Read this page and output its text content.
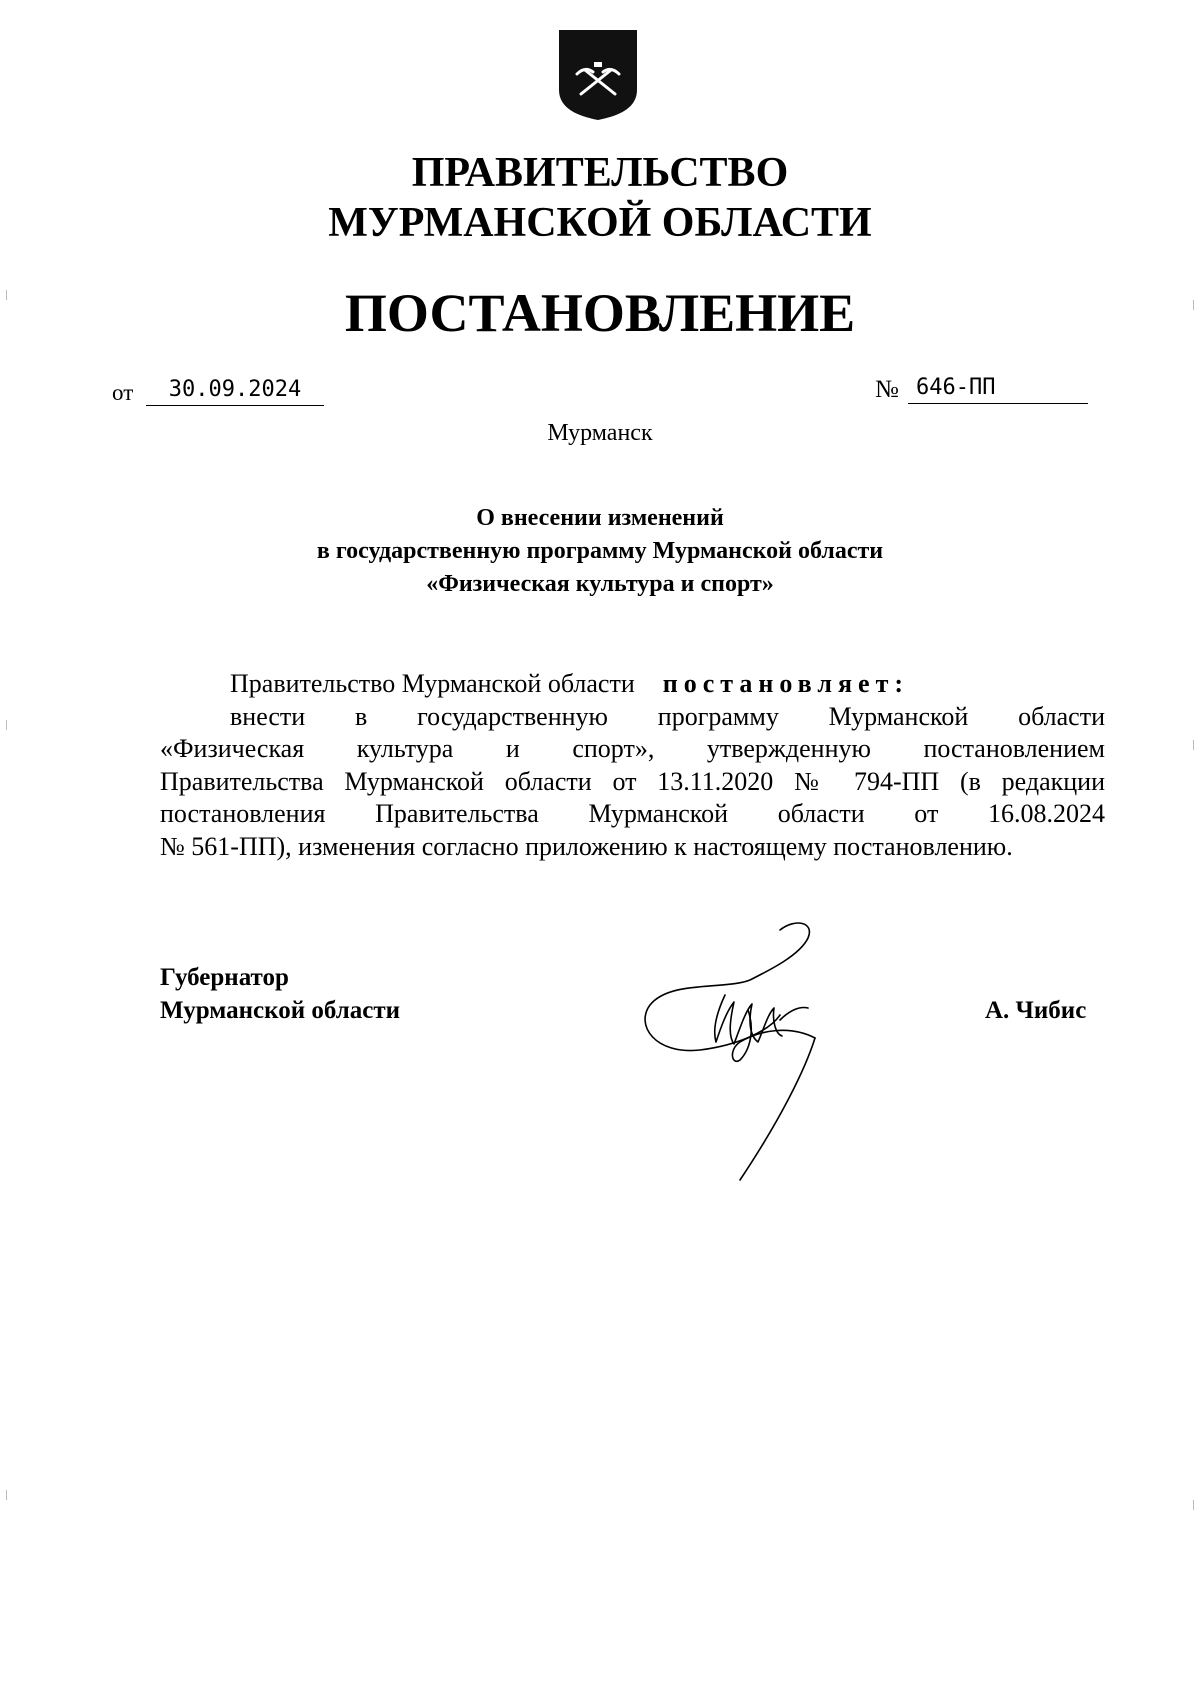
ПРАВИТЕЛЬСТВО
МУРМАНСКОЙ ОБЛАСТИ
ПОСТАНОВЛЕНИЕ
от	30.09.2024	№ 646-ПП
Мурманск
О внесении изменений
в государственную программу Мурманской области
«Физическая культура и спорт»
Правительство Мурманской области постановляет:
внести в государственную программу Мурманской области
«Физическая культура и спорт», утвержденную постановлением
Правительства Мурманской области от 13.11.2020 № 794-ПП (в редакции
постановления Правительства Мурманской области от 16.08.2024
№ 561-ПП), изменения согласно приложению к настоящему постановлению.
Губернатор
Мурманской области	А. Чибис
